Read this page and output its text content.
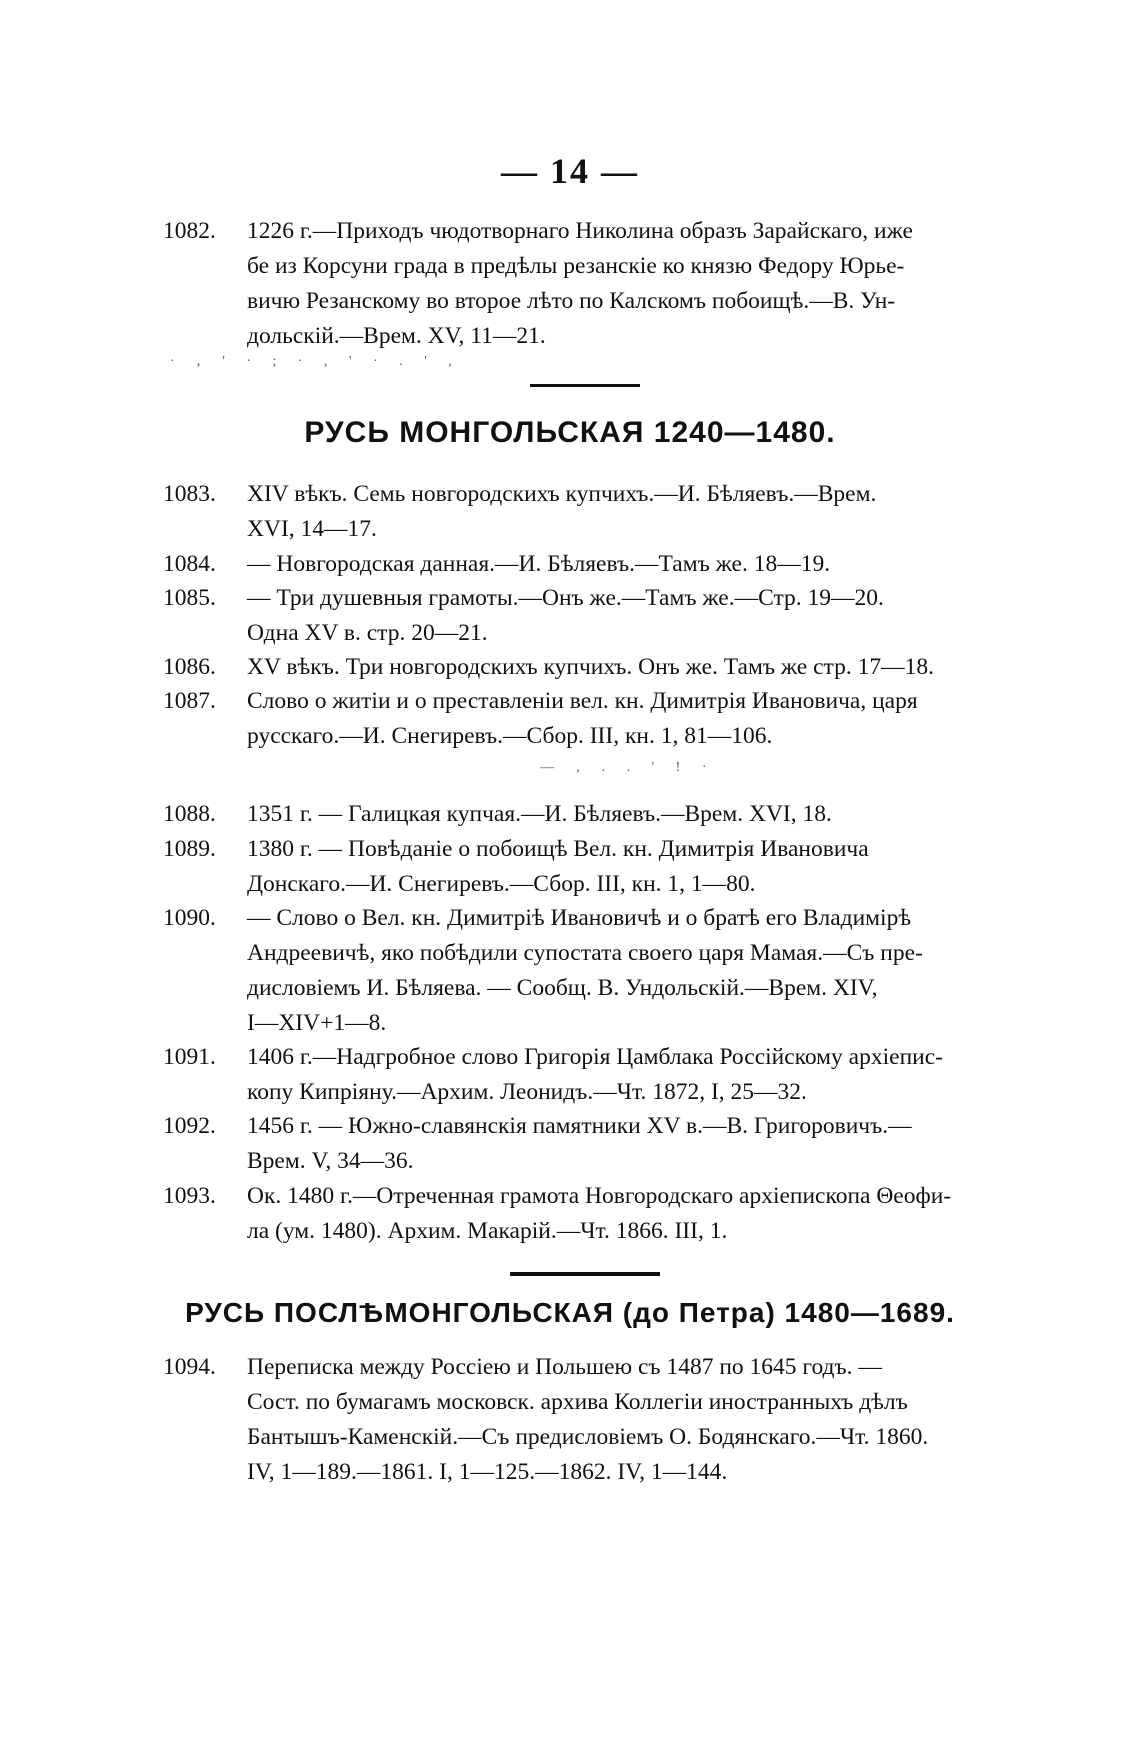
— 14 —
1082.	1226 г.—Приходъ чюдотворнаго Николина образъ Зарайскаго, иже
бе из Корсуни града в предѣлы резанскіе ко князю Федору Юрье-
вичю Резанскому во второе лѣто по Калскомъ побоищѣ.—В. Ун-
дольскій.—Врем. XV, 11—21.
· ‚ ' · ; · , ' · . ' ,
РУСЬ МОНГОЛЬСКАЯ 1240—1480.
1083.	XIV вѣкъ. Семь новгородскихъ купчихъ.—И. Бѣляевъ.—Врем.
XVI, 14—17.
1084.	— Новгородская данная.—И. Бѣляевъ.—Тамъ же. 18—19.
1085.	— Три душевныя грамоты.—Онъ же.—Тамъ же.—Стр. 19—20.
Одна XV в. стр. 20—21.
1086.	XV вѣкъ. Три новгородскихъ купчихъ. Онъ же. Тамъ же стр. 17—18.
1087.	Слово о житіи и о преставленіи вел. кн. Димитрія Ивановича, царя
русскаго.—И. Снегиревъ.—Сбор. III, кн. 1, 81—106.
— ‚ . . ' ! ·
1088.	1351 г. — Галицкая купчая.—И. Бѣляевъ.—Врем. XVI, 18.
1089.	1380 г. — Повѣданіе о побоищѣ Вел. кн. Димитрія Ивановича
Донскаго.—И. Снегиревъ.—Сбор. III, кн. 1, 1—80.
1090.	— Слово о Вел. кн. Димитріѣ Ивановичѣ и о братѣ его Владимірѣ
Андреевичѣ, яко побѣдили супостата своего царя Мамая.—Съ пре-
дисловіемъ И. Бѣляева. — Сообщ. В. Ундольскій.—Врем. XIV,
I—XIV+1—8.
1091.	1406 г.—Надгробное слово Григорія Цамблака Россійскому архіепис-
копу Кипріяну.—Архим. Леонидъ.—Чт. 1872, I, 25—32.
1092.	1456 г. — Южно-славянскія памятники XV в.—В. Григоровичъ.—
Врем. V, 34—36.
1093.	Ок. 1480 г.—Отреченная грамота Новгородскаго архіепископа Θеофи-
ла (ум. 1480). Архим. Макарій.—Чт. 1866. III, 1.
РУСЬ ПОСЛѢМОНГОЛЬСКАЯ (до Петра) 1480—1689.
1094.	Переписка между Россіею и Польшею съ 1487 по 1645 годъ. —
Сост. по бумагамъ московск. архива Коллегіи иностранныхъ дѣлъ
Бантышъ-Каменскій.—Съ предисловіемъ О. Бодянскаго.—Чт. 1860.
IV, 1—189.—1861. I, 1—125.—1862. IV, 1—144.
